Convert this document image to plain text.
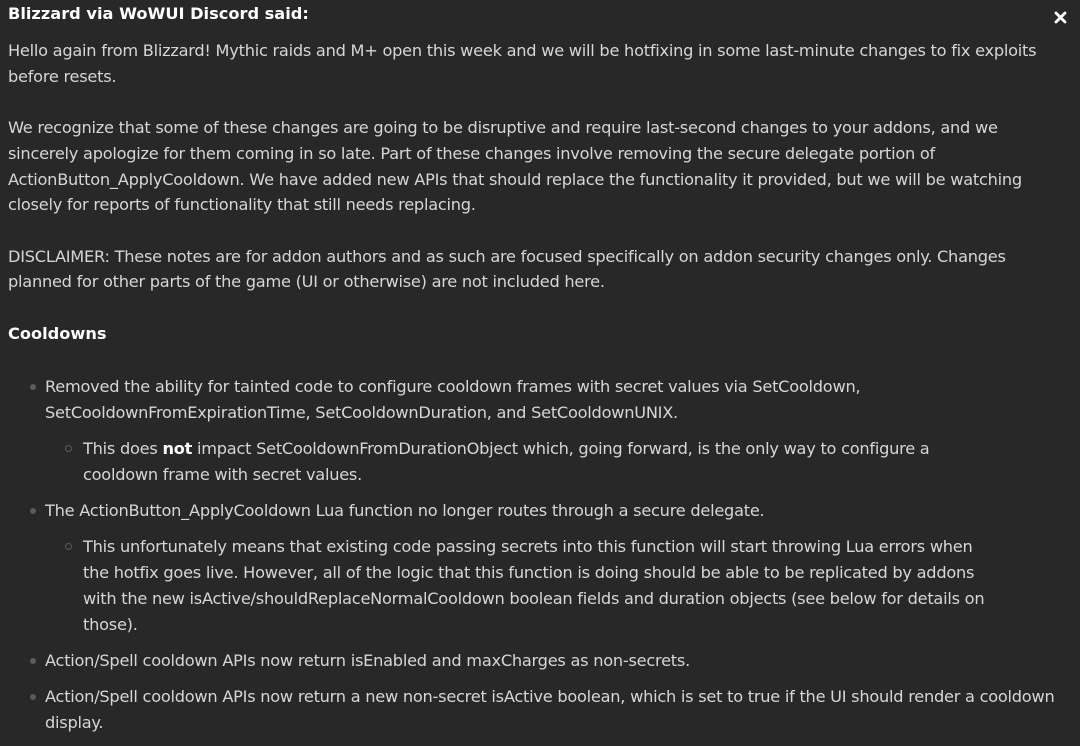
Blizzard via WoWUI Discord said:

Hello again from Blizzard! Mythic raids and M+ open this week and we will be hotfixing in some last-minute changes to fix exploits before resets.

We recognize that some of these changes are going to be disruptive and require last-second changes to your addons, and we sincerely apologize for them coming in so late. Part of these changes involve removing the secure delegate portion of ActionButton_ApplyCooldown. We have added new APIs that should replace the functionality it provided, but we will be watching closely for reports of functionality that still needs replacing.

DISCLAIMER: These notes are for addon authors and as such are focused specifically on addon security changes only. Changes planned for other parts of the game (UI or otherwise) are not included here.

Cooldowns
Removed the ability for tainted code to configure cooldown frames with secret values via SetCooldown, SetCooldownFromExpirationTime, SetCooldownDuration, and SetCooldownUNIX.
This does not impact SetCooldownFromDurationObject which, going forward, is the only way to configure a cooldown frame with secret values.
The ActionButton_ApplyCooldown Lua function no longer routes through a secure delegate.
This unfortunately means that existing code passing secrets into this function will start throwing Lua errors when the hotfix goes live. However, all of the logic that this function is doing should be able to be replicated by addons with the new isActive/shouldReplaceNormalCooldown boolean fields and duration objects (see below for details on those).
Action/Spell cooldown APIs now return isEnabled and maxCharges as non-secrets.
Action/Spell cooldown APIs now return a new non-secret isActive boolean, which is set to true if the UI should render a cooldown display.
